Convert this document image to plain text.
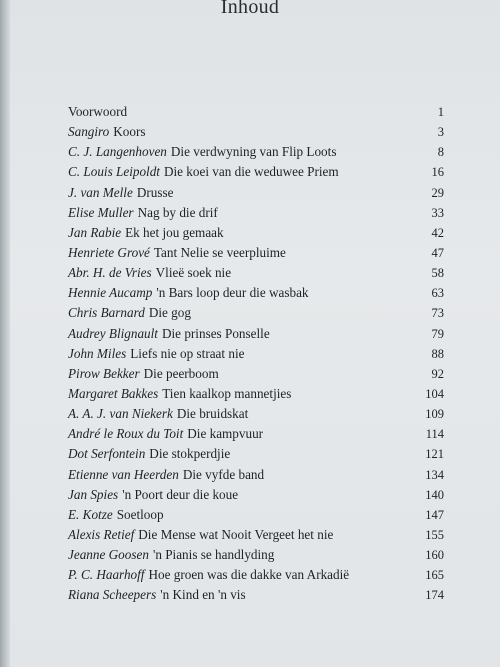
Inhoud
Voorwoord	1
Sangiro Koors	3
C. J. Langenhoven Die verdwyning van Flip Loots	8
C. Louis Leipoldt Die koei van die weduwee Priem	16
J. van Melle Drusse	29
Elise Muller Nag by die drif	33
Jan Rabie Ek het jou gemaak	42
Henriete Grové Tant Nelie se veerpluime	47
Abr. H. de Vries Vlieë soek nie	58
Hennie Aucamp 'n Bars loop deur die wasbak	63
Chris Barnard Die gog	73
Audrey Blignault Die prinses Ponselle	79
John Miles Liefs nie op straat nie	88
Pirow Bekker Die peerboom	92
Margaret Bakkes Tien kaalkop mannetjies	104
A. A. J. van Niekerk Die bruidskat	109
André le Roux du Toit Die kampvuur	114
Dot Serfontein Die stokperdjie	121
Etienne van Heerden Die vyfde band	134
Jan Spies 'n Poort deur die koue	140
E. Kotze Soetloop	147
Alexis Retief Die Mense wat Nooit Vergeet het nie	155
Jeanne Goosen 'n Pianis se handlyding	160
P. C. Haarhoff Hoe groen was die dakke van Arkadië	165
Riana Scheepers 'n Kind en 'n vis	174
